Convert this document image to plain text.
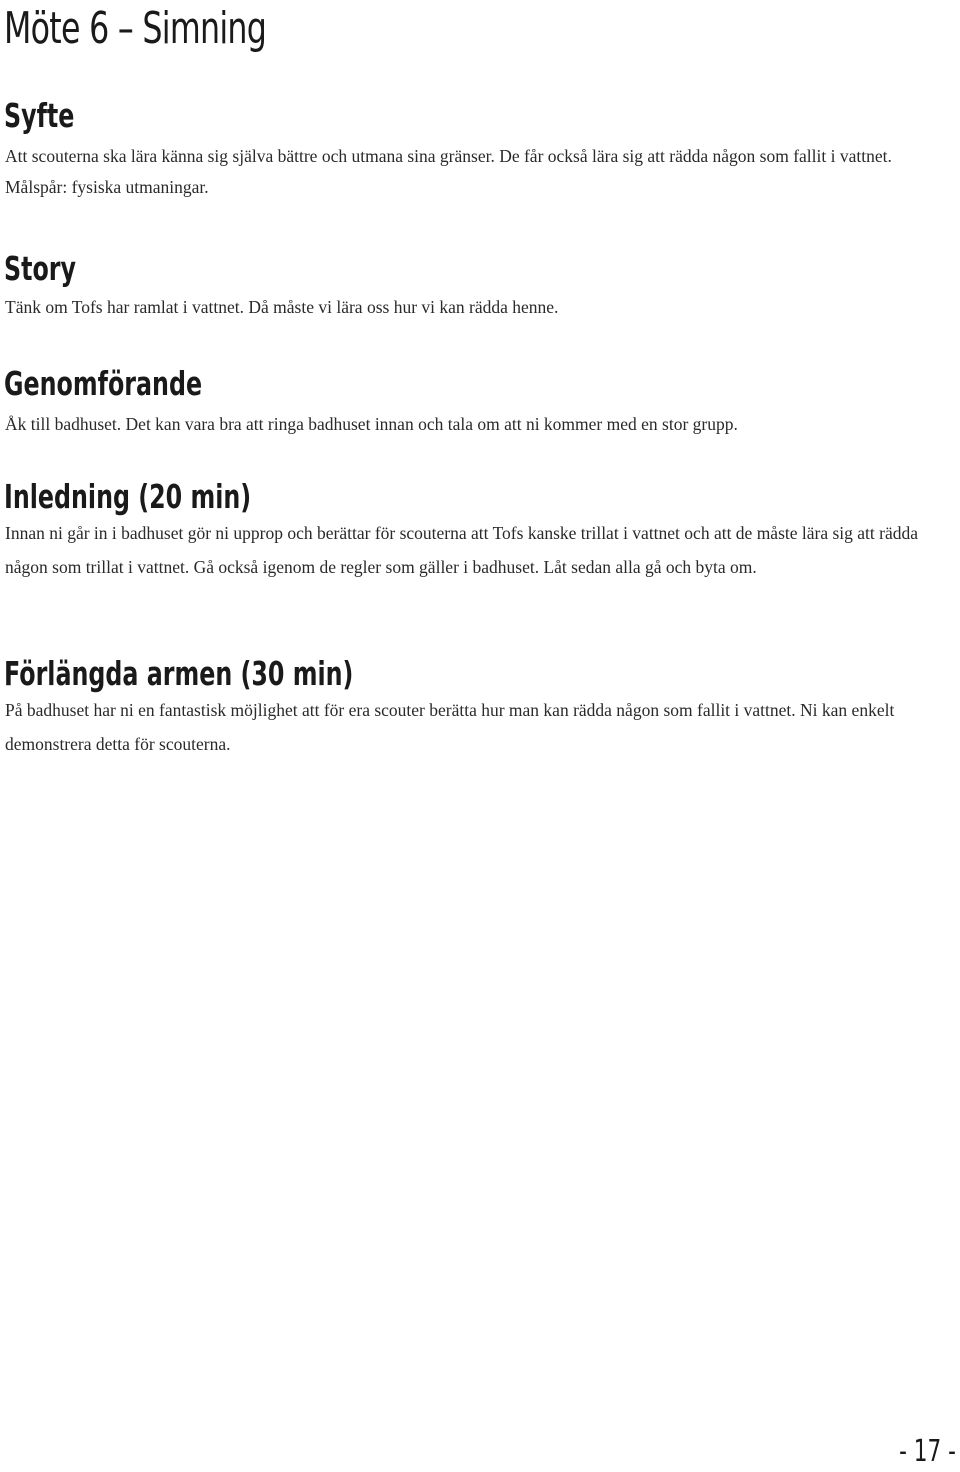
Möte 6 – Simning
Syfte

Att scouterna ska lära känna sig själva bättre och utmana sina gränser. De får också lära sig att rädda någon som fallit i vattnet. Målspår: fysiska utmaningar.

Story

Tänk om Tofs har ramlat i vattnet. Då måste vi lära oss hur vi kan rädda henne.

Genomförande

Åk till badhuset. Det kan vara bra att ringa badhuset innan och tala om att ni kommer med en stor grupp.

Inledning (20 min)

Innan ni går in i badhuset gör ni upprop och berättar för scouterna att Tofs kanske trillat i vattnet och att de måste lära sig att rädda någon som trillat i vattnet. Gå också igenom de regler som gäller i badhuset. Låt sedan alla gå och byta om.

Förlängda armen (30 min)

På badhuset har ni en fantastisk möjlighet att för era scouter berätta hur man kan rädda någon som fallit i vattnet. Ni kan enkelt demonstrera detta för scouterna.

- 17 -
